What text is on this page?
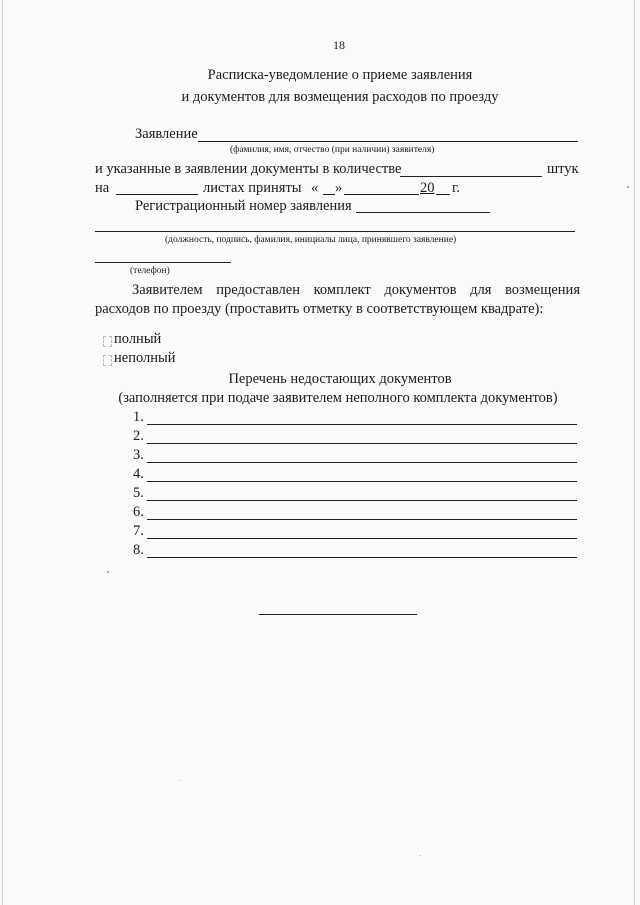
18
Расписка-уведомление о приеме заявления
и документов для возмещения расходов по проезду
Заявление
(фамилия, имя, отчество (при наличии) заявителя)
и указанные в заявлении документы в количестве	штук
на	листах приняты « »	20 г.
Регистрационный номер заявления
(должность, подпись, фамилия, инициалы лица, принявшего заявление)
(телефон)
Заявителем предоставлен комплект документов для возмещения
расходов по проезду (проставить отметку в соответствующем квадрате):
полный
неполный
Перечень недостающих документов
(заполняется при подаче заявителем неполного комплекта документов)
1.
2.
3.
4.
5.
6.
7.
8.
